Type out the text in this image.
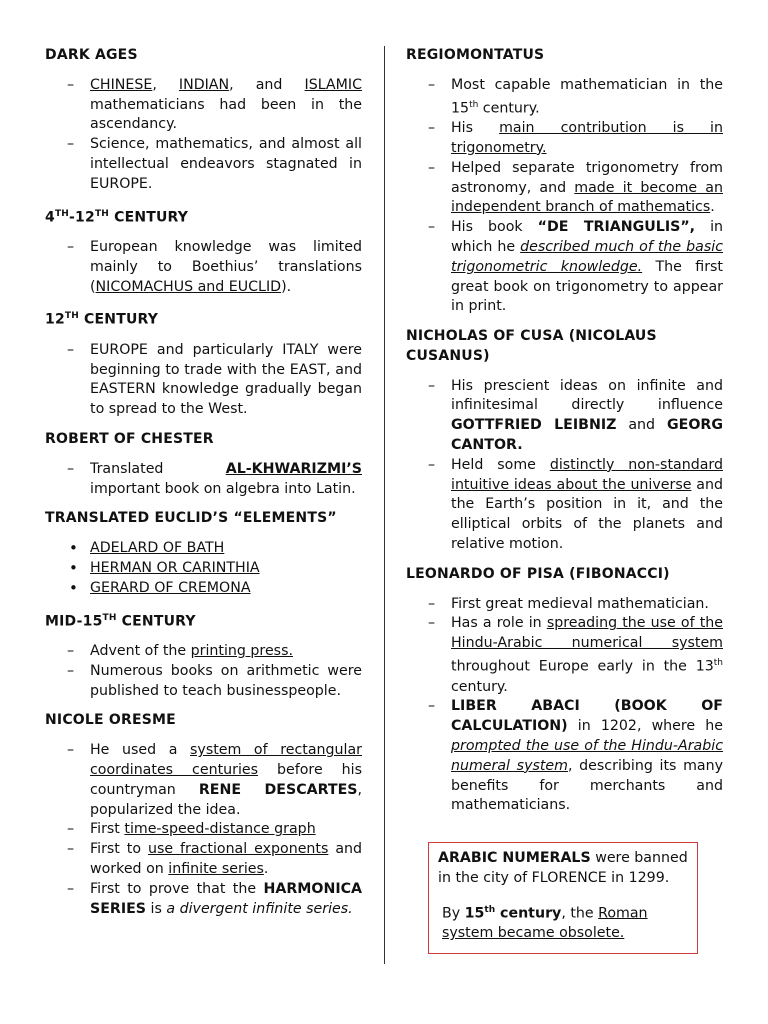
DARK AGES
– CHINESE, INDIAN, and ISLAMIC mathematicians had been in the ascendancy.
– Science, mathematics, and almost all intellectual endeavors stagnated in EUROPE.
4TH-12TH CENTURY
– European knowledge was limited mainly to Boethius’ translations (NICOMACHUS and EUCLID).
12TH CENTURY
– EUROPE and particularly ITALY were beginning to trade with the EAST, and EASTERN knowledge gradually began to spread to the West.
ROBERT OF CHESTER
– Translated AL-KHWARIZMI’S important book on algebra into Latin.
TRANSLATED EUCLID’S “ELEMENTS”
• ADELARD OF BATH
• HERMAN OR CARINTHIA
• GERARD OF CREMONA
MID-15TH CENTURY
– Advent of the printing press.
– Numerous books on arithmetic were published to teach businesspeople.
NICOLE ORESME
– He used a system of rectangular coordinates centuries before his countryman RENE DESCARTES, popularized the idea.
– First time-speed-distance graph
– First to use fractional exponents and worked on infinite series.
– First to prove that the HARMONICA SERIES is a divergent infinite series.
REGIOMONTATUS
– Most capable mathematician in the 15th century.
– His main contribution is in trigonometry.
– Helped separate trigonometry from astronomy, and made it become an independent branch of mathematics.
– His book “DE TRIANGULIS”, in which he described much of the basic trigonometric knowledge. The first great book on trigonometry to appear in print.
NICHOLAS OF CUSA (NICOLAUS CUSANUS)
– His prescient ideas on infinite and infinitesimal directly influence GOTTFRIED LEIBNIZ and GEORG CANTOR.
– Held some distinctly non-standard intuitive ideas about the universe and the Earth’s position in it, and the elliptical orbits of the planets and relative motion.
LEONARDO OF PISA (FIBONACCI)
– First great medieval mathematician.
– Has a role in spreading the use of the Hindu-Arabic numerical system throughout Europe early in the 13th century.
– LIBER ABACI (BOOK OF CALCULATION) in 1202, where he prompted the use of the Hindu-Arabic numeral system, describing its many benefits for merchants and mathematicians.

ARABIC NUMERALS were banned in the city of FLORENCE in 1299.

By 15th century, the Roman system became obsolete.
